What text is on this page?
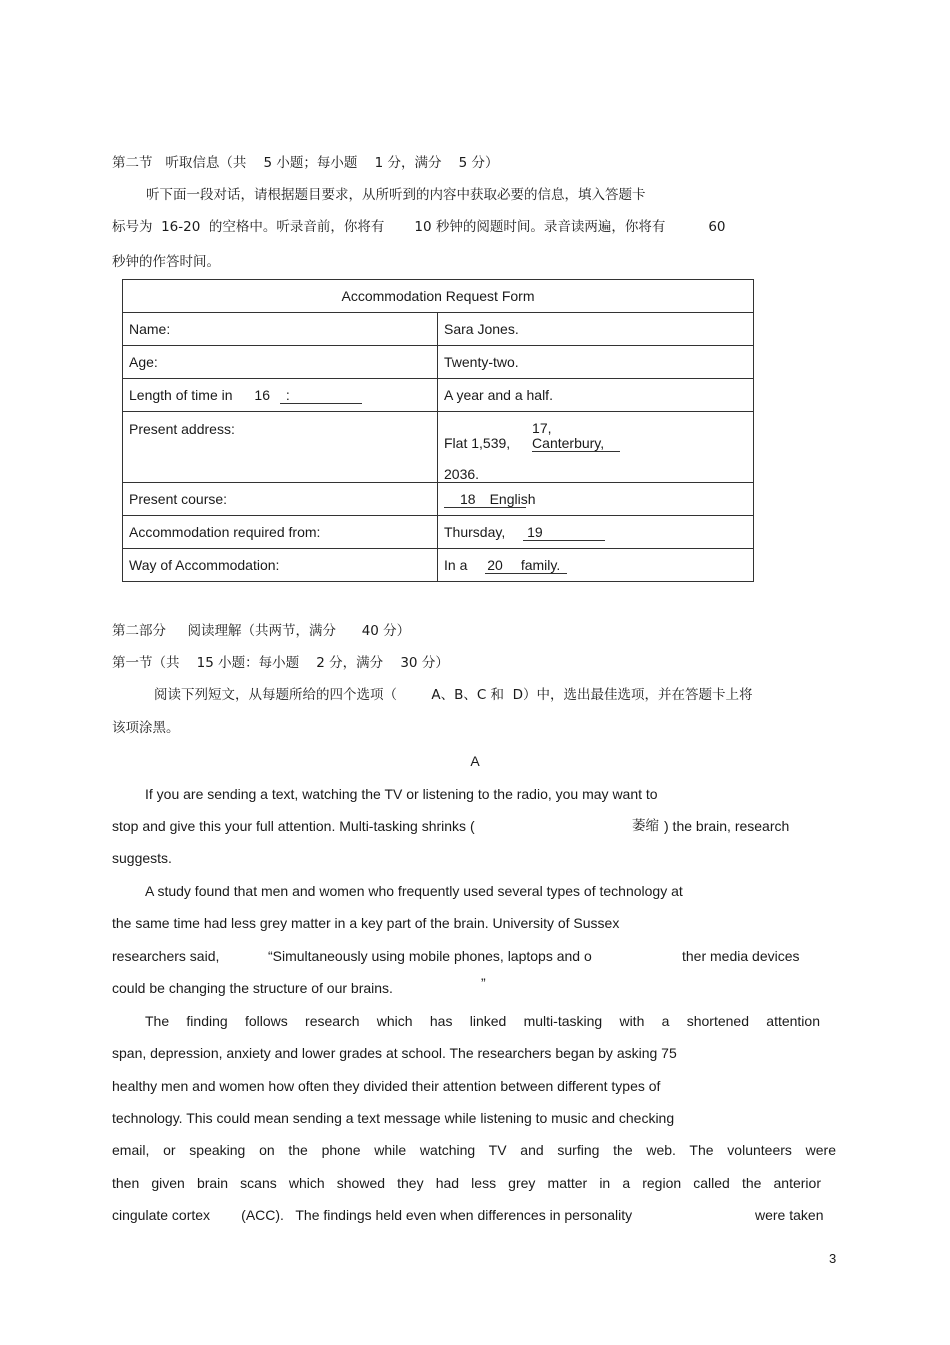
第二节   听取信息（共    5 小题；每小题    1 分，满分    5 分）
听下面一段对话，请根据题目要求，从所听到的内容中获取必要的信息，填入答题卡
标号为  16-20  的空格中。听录音前，你将有       10 秒钟的阅题时间。录音读两遍，你将有          60
秒钟的作答时间。
Accommodation Request Form	
Name:	Sara Jones.
Age:	Twenty-two.
Length of time in 16 :	A year and a half.
Present address:	Flat 1,539, 17, Canterbury,
2036.

Present course:	18 English
Accommodation required from:	Thursday, 19
Way of Accommodation:	In a 20 family.
第二部分     阅读理解（共两节，满分      40 分）
第一节（共    15 小题：每小题    2 分，满分    30 分）
阅读下列短文，从每题所给的四个选项（        A、B、C 和  D）中，选出最佳选项，并在答题卡上将
该项涂黑。
A
If you are sending a text, watching the TV or listening to the radio, you may want to
stop and give this your full attention. Multi-tasking shrinks (	萎缩 ) the brain, research
suggests.
A study found that men and women who frequently used several types of technology at
the same time had less grey matter in a key part of the brain. University of Sussex
researchers said,	“Simultaneously using mobile phones, laptops and o	ther media devices
could be changing the structure of our brains.	”
The finding follows research which has linked multi-tasking with a shortened attention
span, depression, anxiety and lower grades at school. The researchers began by asking 75
healthy men and women how often they divided their attention between different types of
technology. This could mean sending a text message while listening to music and checking
email, or speaking on the phone while watching TV and surfing the web. The volunteers were
then given brain scans which showed they had less grey matter in a region called the anterior
cingulate cortex        (ACC).   The findings held even when differences in personality	were taken
3
